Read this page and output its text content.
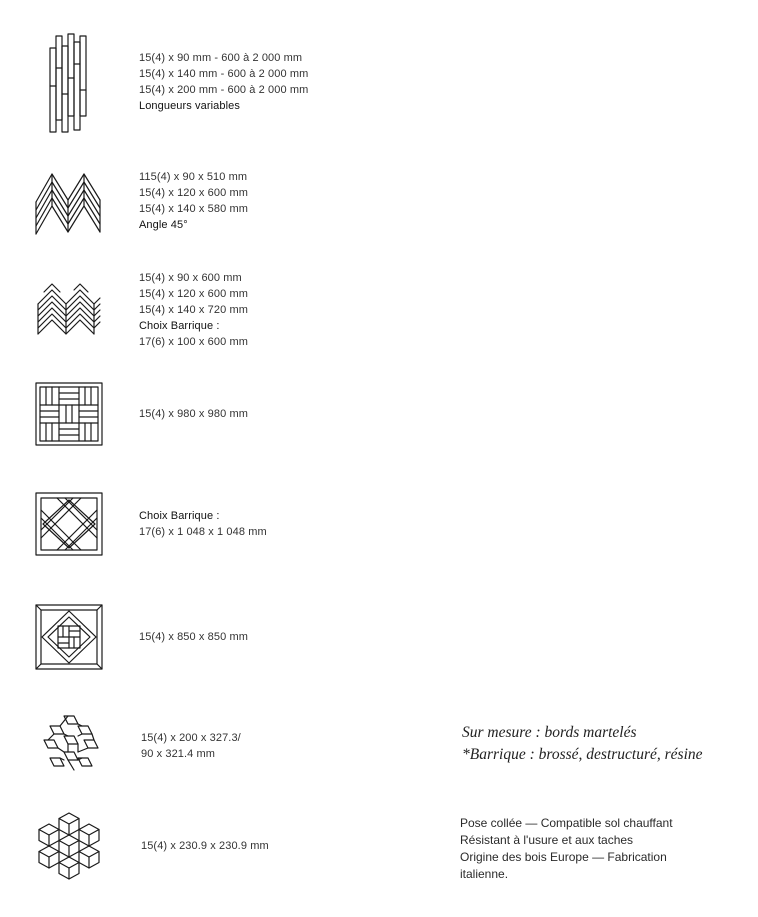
15(4) x 90 mm - 600 à 2 000 mm
15(4) x 140 mm - 600 à 2 000 mm
15(4) x 200 mm - 600 à 2 000 mm
Longueurs variables
115(4) x 90 x 510 mm
15(4) x 120 x 600 mm
15(4) x 140 x 580 mm
Angle 45°
15(4) x 90 x 600 mm
15(4) x 120 x 600 mm
15(4) x 140 x 720 mm
Choix Barrique :
17(6) x 100 x 600 mm
15(4) x 980 x 980 mm
Choix Barrique :
17(6) x 1 048 x 1 048 mm
15(4) x 850 x 850 mm
15(4) x 200 x 327.3/
90 x 321.4 mm
15(4) x 230.9 x 230.9 mm
Sur mesure : bords martelés
*Barrique : brossé, destructuré, résine
Pose collée — Compatible sol chauffant
Résistant à l'usure et aux taches
Origine des bois Europe — Fabrication
italienne.
